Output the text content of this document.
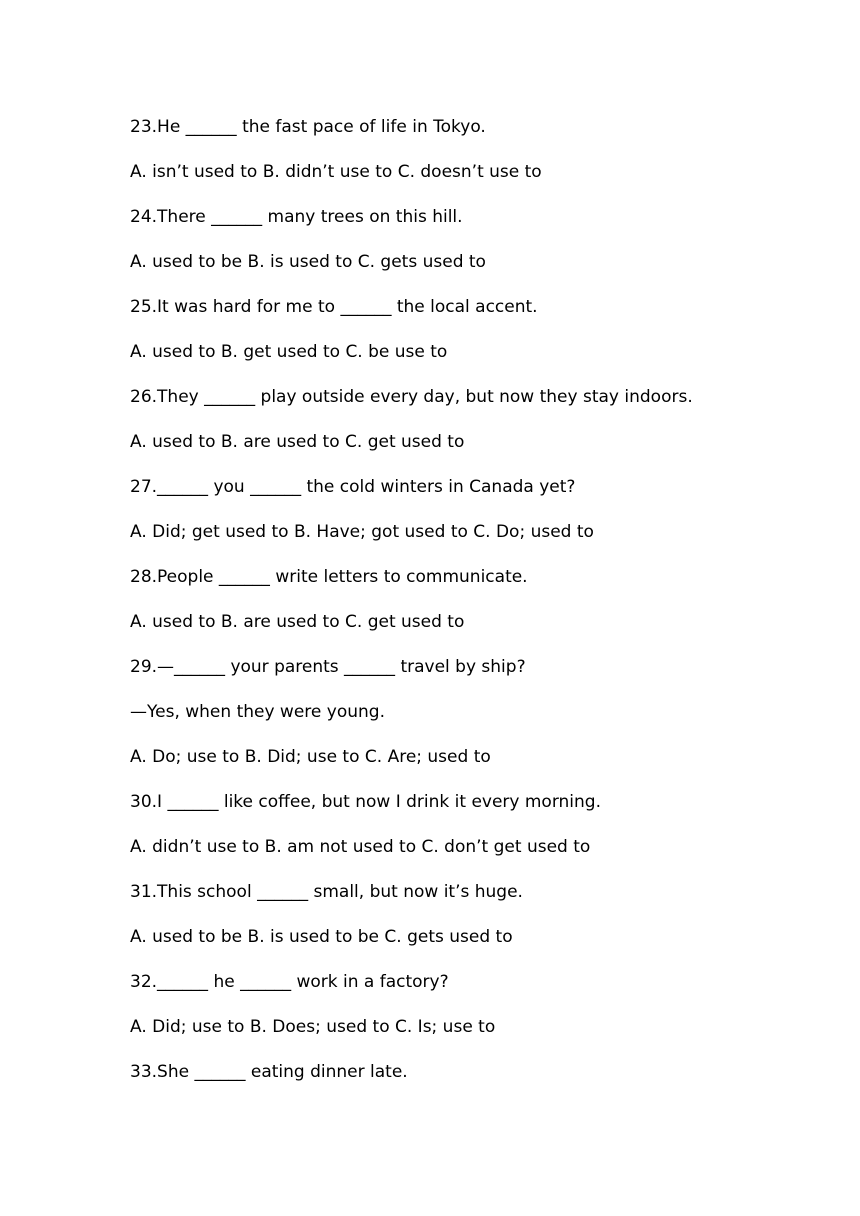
23.He ______ the fast pace of life in Tokyo.
A. isn’t used to B. didn’t use to C. doesn’t use to
24.There ______ many trees on this hill.
A. used to be B. is used to C. gets used to
25.It was hard for me to ______ the local accent.
A. used to B. get used to C. be use to
26.They ______ play outside every day, but now they stay indoors.
A. used to B. are used to C. get used to
27.______ you ______ the cold winters in Canada yet?
A. Did; get used to B. Have; got used to C. Do; used to
28.People ______ write letters to communicate.
A. used to B. are used to C. get used to
29.—______ your parents ______ travel by ship?
—Yes, when they were young.
A. Do; use to B. Did; use to C. Are; used to
30.I ______ like coffee, but now I drink it every morning.
A. didn’t use to B. am not used to C. don’t get used to
31.This school ______ small, but now it’s huge.
A. used to be B. is used to be C. gets used to
32.______ he ______ work in a factory?
A. Did; use to B. Does; used to C. Is; use to
33.She ______ eating dinner late.
